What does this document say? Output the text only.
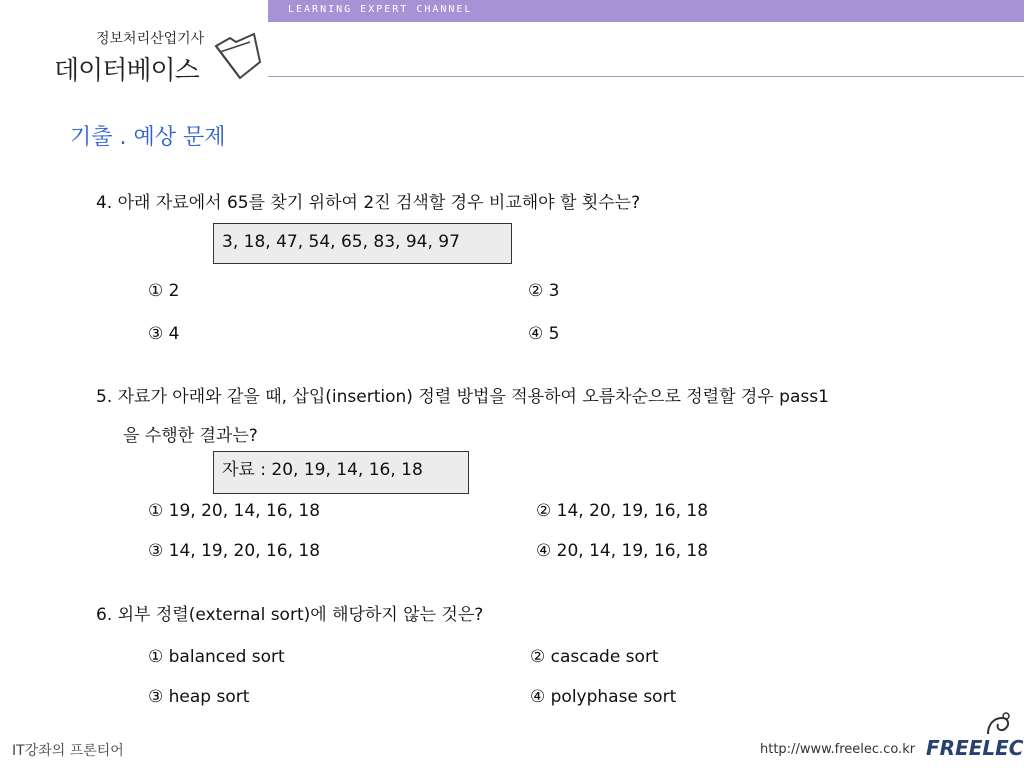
LEARNING EXPERT CHANNEL
정보처리산업기사
데이터베이스
기출 . 예상 문제
4. 아래 자료에서 65를 찾기 위하여 2진 검색할 경우 비교해야 할 횟수는?
3, 18, 47, 54, 65, 83, 94, 97
① 2	② 3
③ 4	④ 5
5. 자료가 아래와 같을 때, 삽입(insertion) 정렬 방법을 적용하여 오름차순으로 정렬할 경우 pass1
을 수행한 결과는?
자료 : 20, 19, 14, 16, 18
① 19, 20, 14, 16, 18	② 14, 20, 19, 16, 18
③ 14, 19, 20, 16, 18	④ 20, 14, 19, 16, 18
6. 외부 정렬(external sort)에 해당하지 않는 것은?
① balanced sort	② cascade sort
③ heap sort	④ polyphase sort
IT강좌의 프론티어	http://www.freelec.co.kr FREELEC
